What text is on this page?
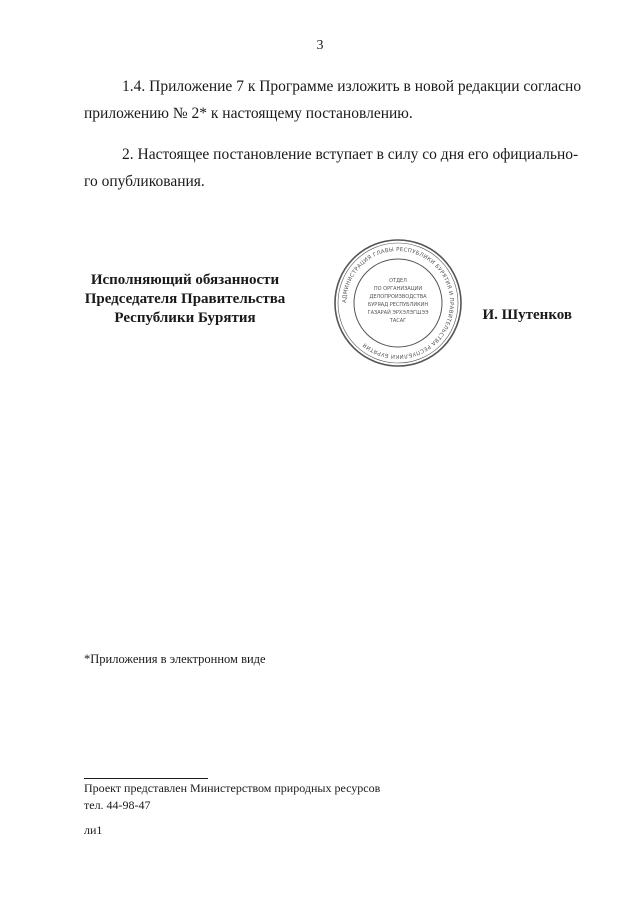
3

1.4. Приложение 7 к Программе изложить в новой редакции согласно
приложению № 2* к настоящему постановлению.

2. Настоящее постановление вступает в силу со дня его официально-
го опубликования.

Исполняющий обязанности
Председателя Правительства
Республики Бурятия
АДМИНИСТРАЦИЯ ГЛАВЫ РЕСПУБЛИКИ БУРЯТИЯ И ПРАВИТЕЛЬСТВА РЕСПУБЛИКИ БУРЯТИЯ
ОТДЕЛ
ПО ОРГАНИЗАЦИИ
ДЕЛОПРОИЗВОДСТВА
БУРЯАД РЕСПУБЛИКИН
ГАЗАРАЙ ЭРХЭЛЭГШЭЭ
ТАСАГ	И. Шутенков
*Приложения в электронном виде
Проект представлен Министерством природных ресурсов
тел. 44-98-47
ли1
